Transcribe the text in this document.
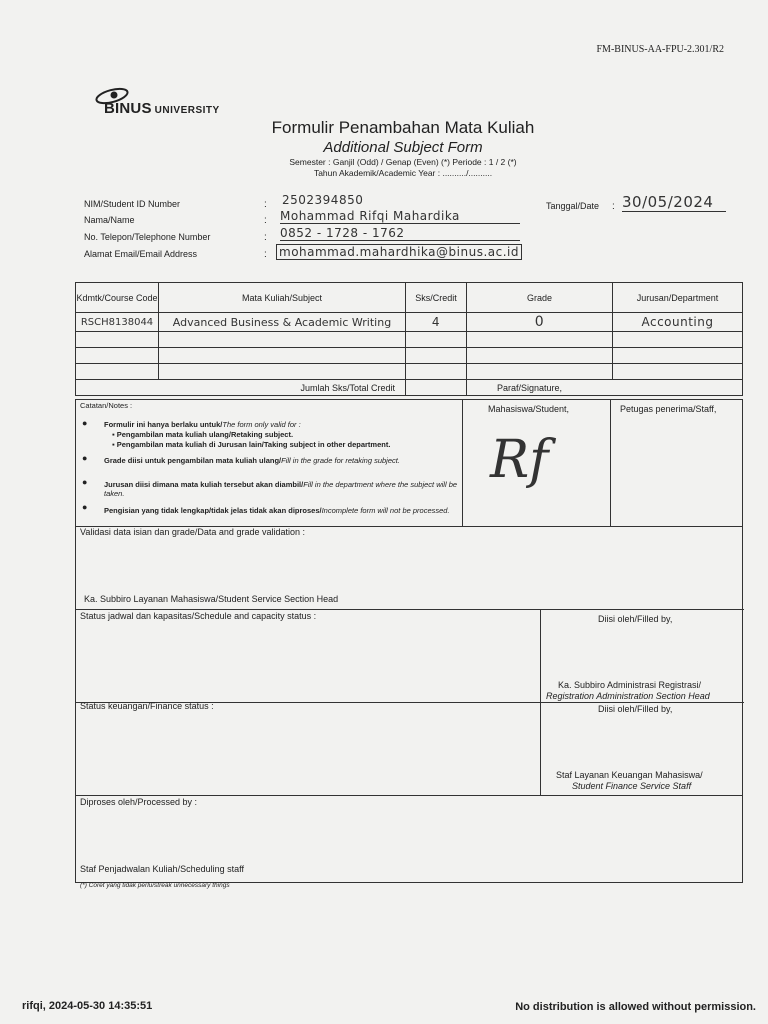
FM-BINUS-AA-FPU-2.301/R2
BINUS UNIVERSITY
Formulir Penambahan Mata Kuliah
Additional Subject Form
Semester : Ganjil (Odd) / Genap (Even) (*) Periode : 1 / 2 (*)
Tahun Akademik/Academic Year : ........../..........
NIM/Student ID Number	: 2502394850
Nama/Name	: Mohammad Rifqi Mahardika
No. Telepon/Telephone Number	: 0852 - 1728 - 1762
Alamat Email/Email Address	: mohammad.mahardhika@binus.ac.id
Tanggal/Date : 30/05/2024
Kdmtk/Course Code	Mata Kuliah/Subject	Sks/Credit	Grade	Jurusan/Department
RSCH8138044	Advanced Business & Academic Writing	4	0	Accounting

Jumlah Sks/Total Credit			Paraf/Signature,	
Catatan/Notes :	Mahasiswa/Student,	Petugas penerima/Staff,
Rf
● Formulir ini hanya berlaku untuk/The form only valid for :
▪ Pengambilan mata kuliah ulang/Retaking subject.
▪ Pengambilan mata kuliah di Jurusan lain/Taking subject in other department.
● Grade diisi untuk pengambilan mata kuliah ulang/Fill in the grade for retaking subject.
● Jurusan diisi dimana mata kuliah tersebut akan diambil/Fill in the department where the subject will be taken.
● Pengisian yang tidak lengkap/tidak jelas tidak akan diproses/Incomplete form will not be processed.
Validasi data isian dan grade/Data and grade validation :
Ka. Subbiro Layanan Mahasiswa/Student Service Section Head
Status jadwal dan kapasitas/Schedule and capacity status :	Diisi oleh/Filled by,
Ka. Subbiro Administrasi Registrasi/
Registration Administration Section Head
Status keuangan/Finance status :	Diisi oleh/Filled by,
Staf Layanan Keuangan Mahasiswa/
Student Finance Service Staff
Diproses oleh/Processed by :
Staf Penjadwalan Kuliah/Scheduling staff
(*) Coret yang tidak perlu/streak unnecessary things
rifqi, 2024-05-30 14:35:51	No distribution is allowed without permission.
